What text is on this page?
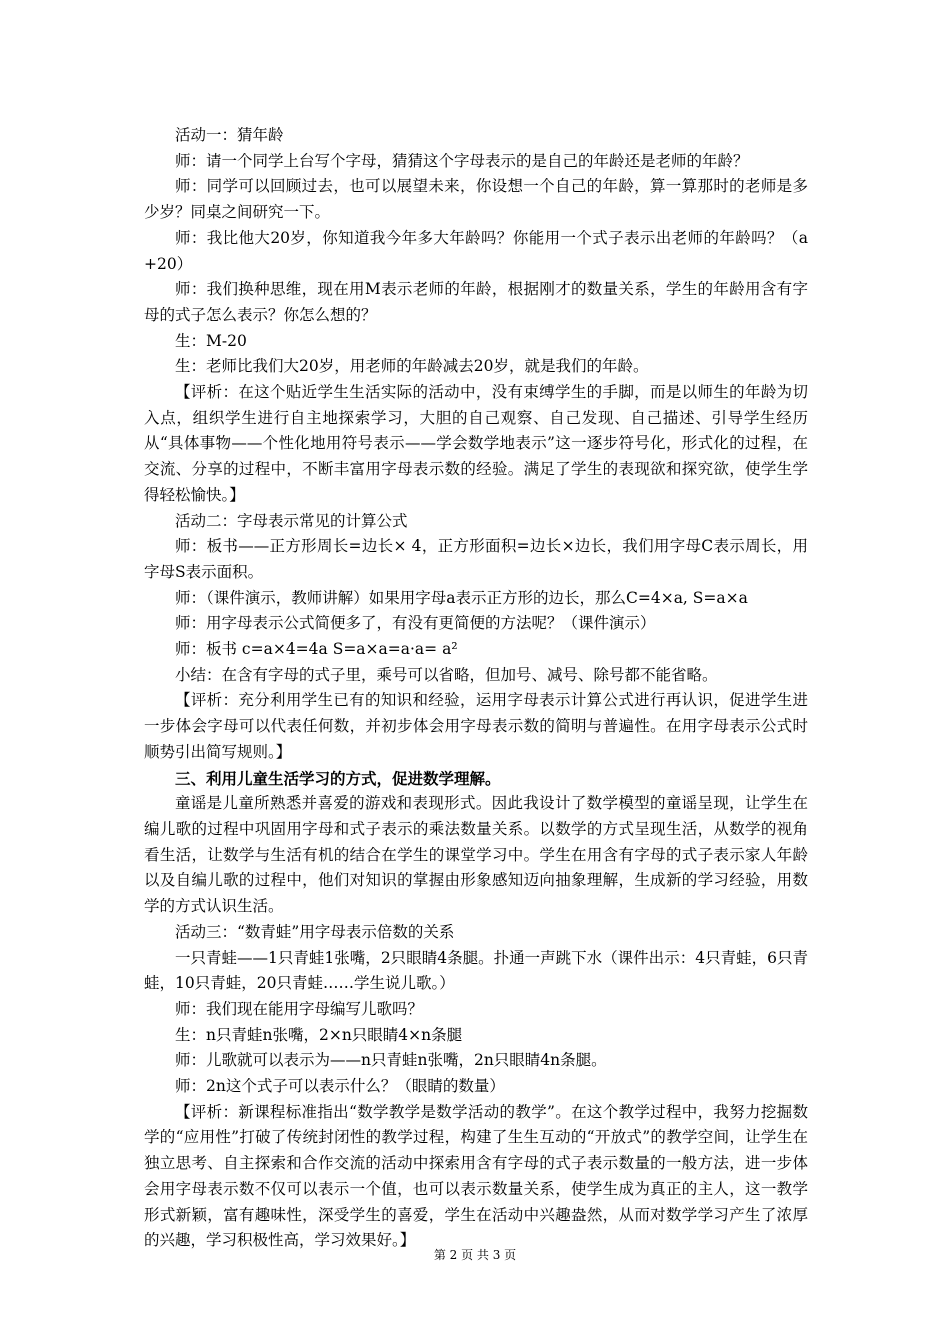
活动一：猜年龄

师：请一个同学上台写个字母，猜猜这个字母表示的是自己的年龄还是老师的年龄？

师：同学可以回顾过去，也可以展望未来，你设想一个自己的年龄，算一算那时的老师是多少岁？同桌之间研究一下。

师：我比他大20岁，你知道我今年多大年龄吗？你能用一个式子表示出老师的年龄吗？（a +20）

师：我们换种思维，现在用M表示老师的年龄，根据刚才的数量关系，学生的年龄用含有字母的式子怎么表示？你怎么想的？

生：M-20

生：老师比我们大20岁，用老师的年龄减去20岁，就是我们的年龄。

【评析：在这个贴近学生生活实际的活动中，没有束缚学生的手脚，而是以师生的年龄为切入点，组织学生进行自主地探索学习，大胆的自己观察、自己发现、自己描述、引导学生经历从“具体事物——个性化地用符号表示——学会数学地表示”这一逐步符号化，形式化的过程，在交流、分享的过程中，不断丰富用字母表示数的经验。满足了学生的表现欲和探究欲，使学生学得轻松愉快。】

活动二：字母表示常见的计算公式

师：板书——正方形周长=边长× 4，正方形面积=边长×边长，我们用字母C表示周长，用字母S表示面积。

师：（课件演示，教师讲解）如果用字母a表示正方形的边长，那么C=4×a, S=a×a

师：用字母表示公式简便多了，有没有更简便的方法呢？（课件演示）

师：板书 c=a×4=4a S=a×a=a·a= a²

小结：在含有字母的式子里，乘号可以省略，但加号、减号、除号都不能省略。

【评析：充分利用学生已有的知识和经验，运用字母表示计算公式进行再认识，促进学生进一步体会字母可以代表任何数，并初步体会用字母表示数的简明与普遍性。在用字母表示公式时顺势引出简写规则。】

三、利用儿童生活学习的方式，促进数学理解。

童谣是儿童所熟悉并喜爱的游戏和表现形式。因此我设计了数学模型的童谣呈现，让学生在编儿歌的过程中巩固用字母和式子表示的乘法数量关系。以数学的方式呈现生活，从数学的视角看生活，让数学与生活有机的结合在学生的课堂学习中。学生在用含有字母的式子表示家人年龄以及自编儿歌的过程中，他们对知识的掌握由形象感知迈向抽象理解，生成新的学习经验，用数学的方式认识生活。

活动三：“数青蛙”用字母表示倍数的关系

一只青蛙——1只青蛙1张嘴，2只眼睛4条腿。扑通一声跳下水（课件出示：4只青蛙，6只青蛙，10只青蛙，20只青蛙……学生说儿歌。）

师：我们现在能用字母编写儿歌吗？

生：n只青蛙n张嘴，2×n只眼睛4×n条腿

师：儿歌就可以表示为——n只青蛙n张嘴，2n只眼睛4n条腿。

师：2n这个式子可以表示什么？（眼睛的数量）

【评析：新课程标准指出“数学教学是数学活动的教学”。在这个教学过程中，我努力挖掘数学的“应用性”打破了传统封闭性的教学过程，构建了生生互动的“开放式”的教学空间，让学生在独立思考、自主探索和合作交流的活动中探索用含有字母的式子表示数量的一般方法，进一步体会用字母表示数不仅可以表示一个值，也可以表示数量关系，使学生成为真正的主人，这一教学形式新颖，富有趣味性，深受学生的喜爱，学生在活动中兴趣盎然，从而对数学学习产生了浓厚的兴趣，学习积极性高，学习效果好。】

第 2 页 共 3 页
